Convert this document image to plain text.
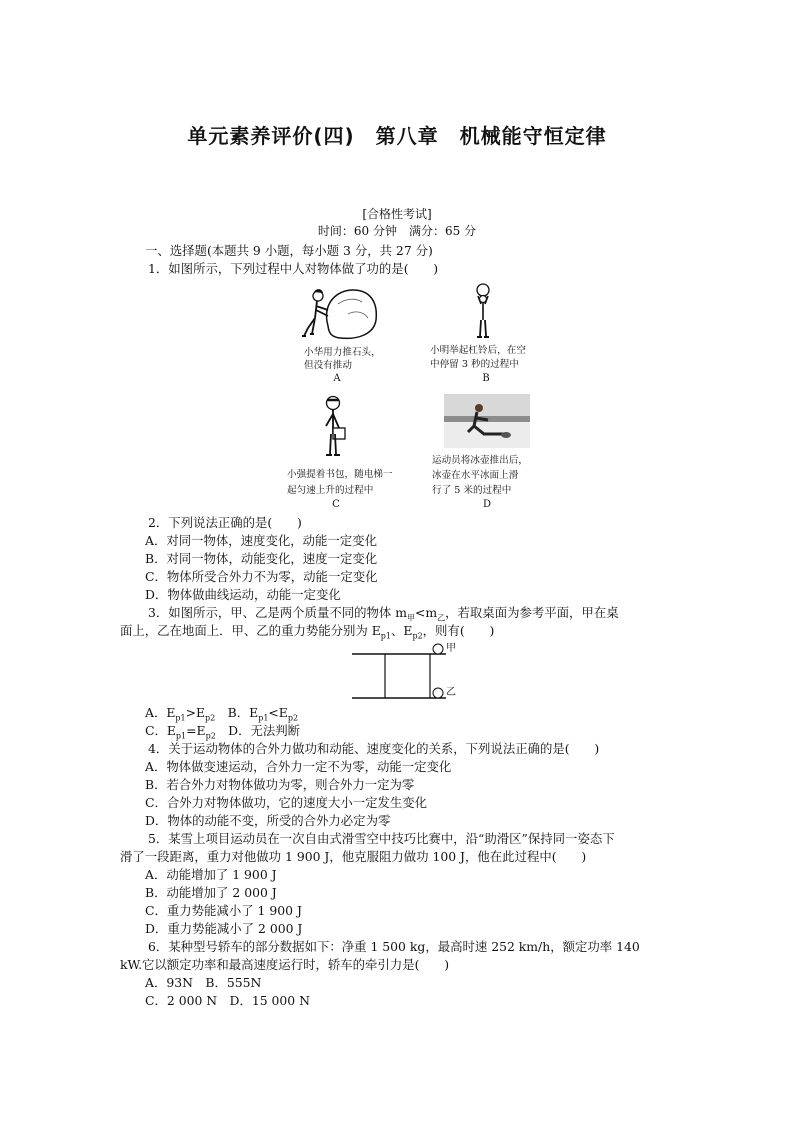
单元素养评价(四)　第八章　机械能守恒定律
[合格性考试]
时间：60 分钟　满分：65 分
一、选择题(本题共 9 小题，每小题 3 分，共 27 分)
1．如图所示，下列过程中人对物体做了功的是(　　)
小华用力推石头，
但没有推动
A
小明举起杠铃后，在空
中停留 3 秒的过程中
B
小强提着书包，随电梯一
起匀速上升的过程中
C
运动员将冰壶推出后，
冰壶在水平冰面上滑
行了 5 米的过程中
D
2．下列说法正确的是(　　)
A．对同一物体，速度变化，动能一定变化
B．对同一物体，动能变化，速度一定变化
C．物体所受合外力不为零，动能一定变化
D．物体做曲线运动，动能一定变化
3．如图所示，甲、乙是两个质量不同的物体 $m_甲<m_乙$，若取桌面为参考平面，甲在桌
面上，乙在地面上．甲、乙的重力势能分别为 $E_{p1}$、$E_{p2}$，则有(　　)
甲
乙
A．$E_{p1}>E_{p2}$　B．$E_{p1}<E_{p2}$
C．$E_{p1}=E_{p2}$　D．无法判断
4．关于运动物体的合外力做功和动能、速度变化的关系，下列说法正确的是(　　)
A．物体做变速运动，合外力一定不为零，动能一定变化
B．若合外力对物体做功为零，则合外力一定为零
C．合外力对物体做功，它的速度大小一定发生变化
D．物体的动能不变，所受的合外力必定为零
5．某雪上项目运动员在一次自由式滑雪空中技巧比赛中，沿“助滑区”保持同一姿态下
滑了一段距离，重力对他做功 1 900 J，他克服阻力做功 100 J，他在此过程中(　　)
A．动能增加了 1 900 J
B．动能增加了 2 000 J
C．重力势能减小了 1 900 J
D．重力势能减小了 2 000 J
6．某种型号轿车的部分数据如下：净重 1 500 kg，最高时速 252 km/h，额定功率 140
kW.它以额定功率和最高速度运行时，轿车的牵引力是(　　)
A．93N　B．555N
C．2 000 N　D．15 000 N
